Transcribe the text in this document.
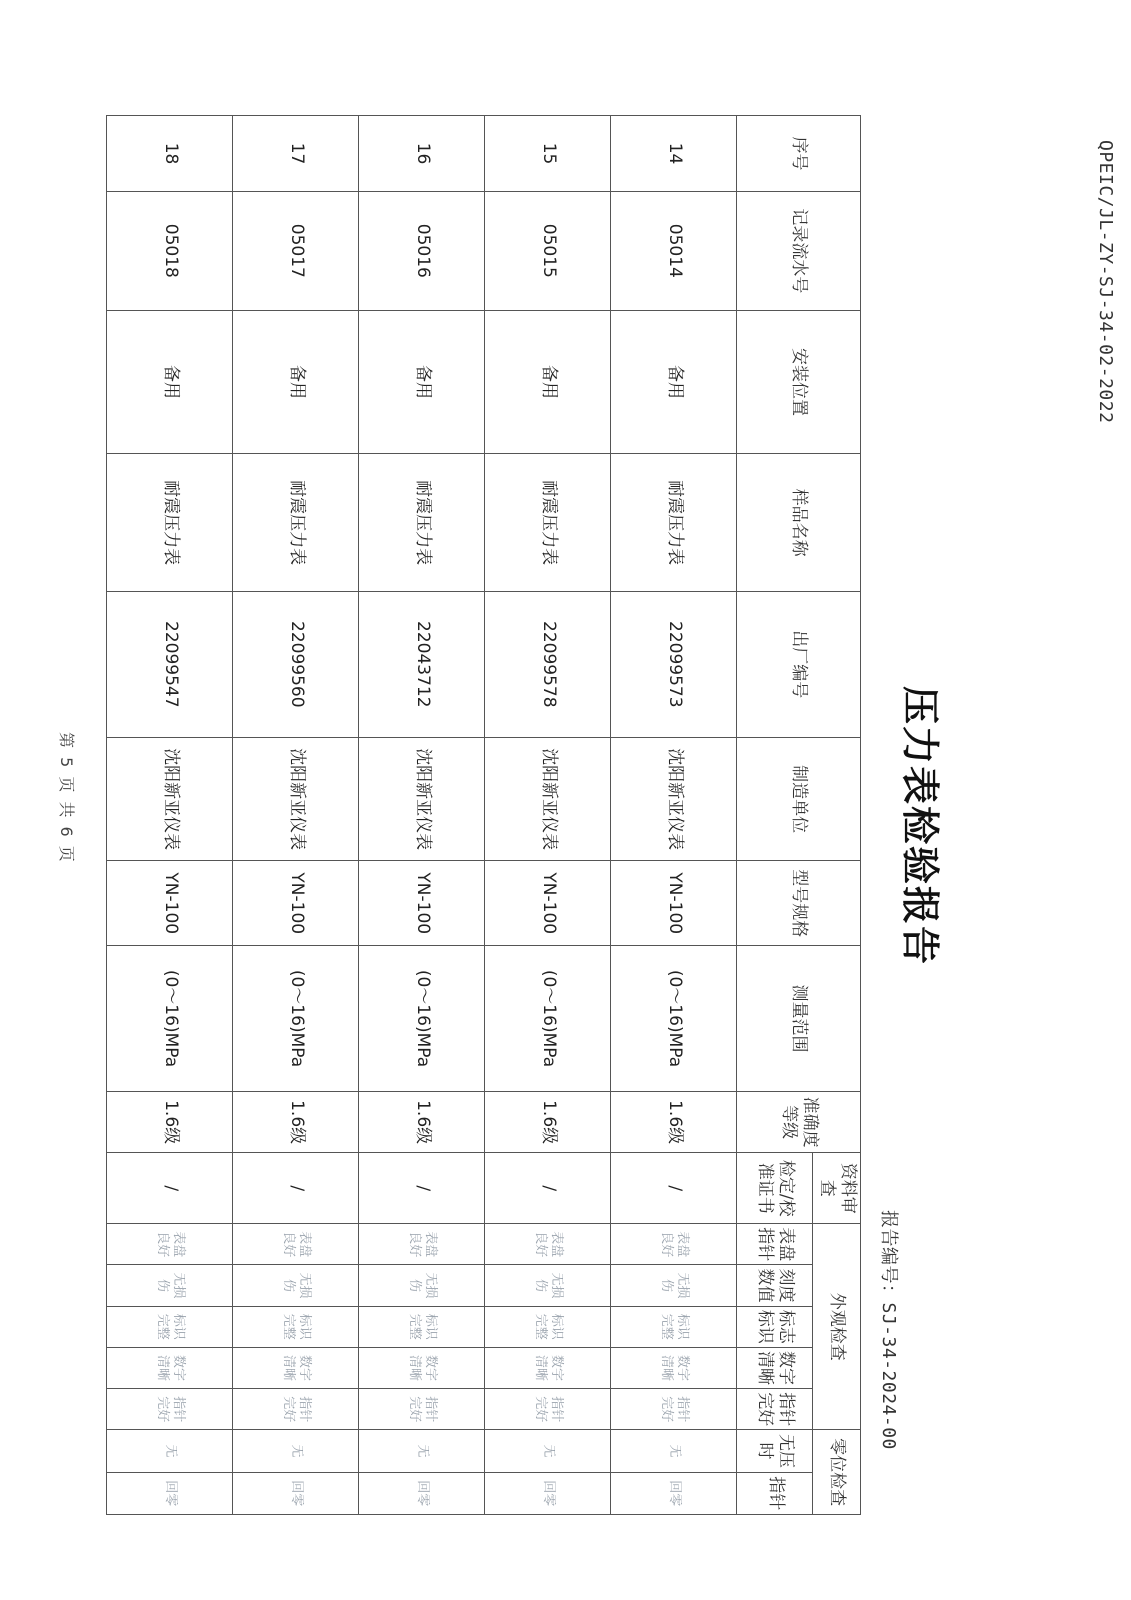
QPEIC/JL-ZY-SJ-34-02-2022
压力表检验报告
报告编号：SJ-34-2024-00
序号	记录流水号	安装位置	样品名称	出厂编号	制造单位	型号规格	测量范围	准确度等级	资料审查	外观检查					零位检查	
									检定/校准证书	表盘指针	刻度数值	标志标识	数字清晰	指针完好	无压时	指针
14	05014	备用	耐震压力表	22099573	沈阳新亚仪表	YN-100	(0～16)MPa	1.6级	/	表盘良好	无损伤	标识完整	数字清晰	指针完好	无	回零
15	05015	备用	耐震压力表	22099578	沈阳新亚仪表	YN-100	(0～16)MPa	1.6级	/	表盘良好	无损伤	标识完整	数字清晰	指针完好	无	回零
16	05016	备用	耐震压力表	22043712	沈阳新亚仪表	YN-100	(0～16)MPa	1.6级	/	表盘良好	无损伤	标识完整	数字清晰	指针完好	无	回零
17	05017	备用	耐震压力表	22099560	沈阳新亚仪表	YN-100	(0～16)MPa	1.6级	/	表盘良好	无损伤	标识完整	数字清晰	指针完好	无	回零
18	05018	备用	耐震压力表	22099547	沈阳新亚仪表	YN-100	(0～16)MPa	1.6级	/	表盘良好	无损伤	标识完整	数字清晰	指针完好	无	回零
第 5 页 共 6 页
